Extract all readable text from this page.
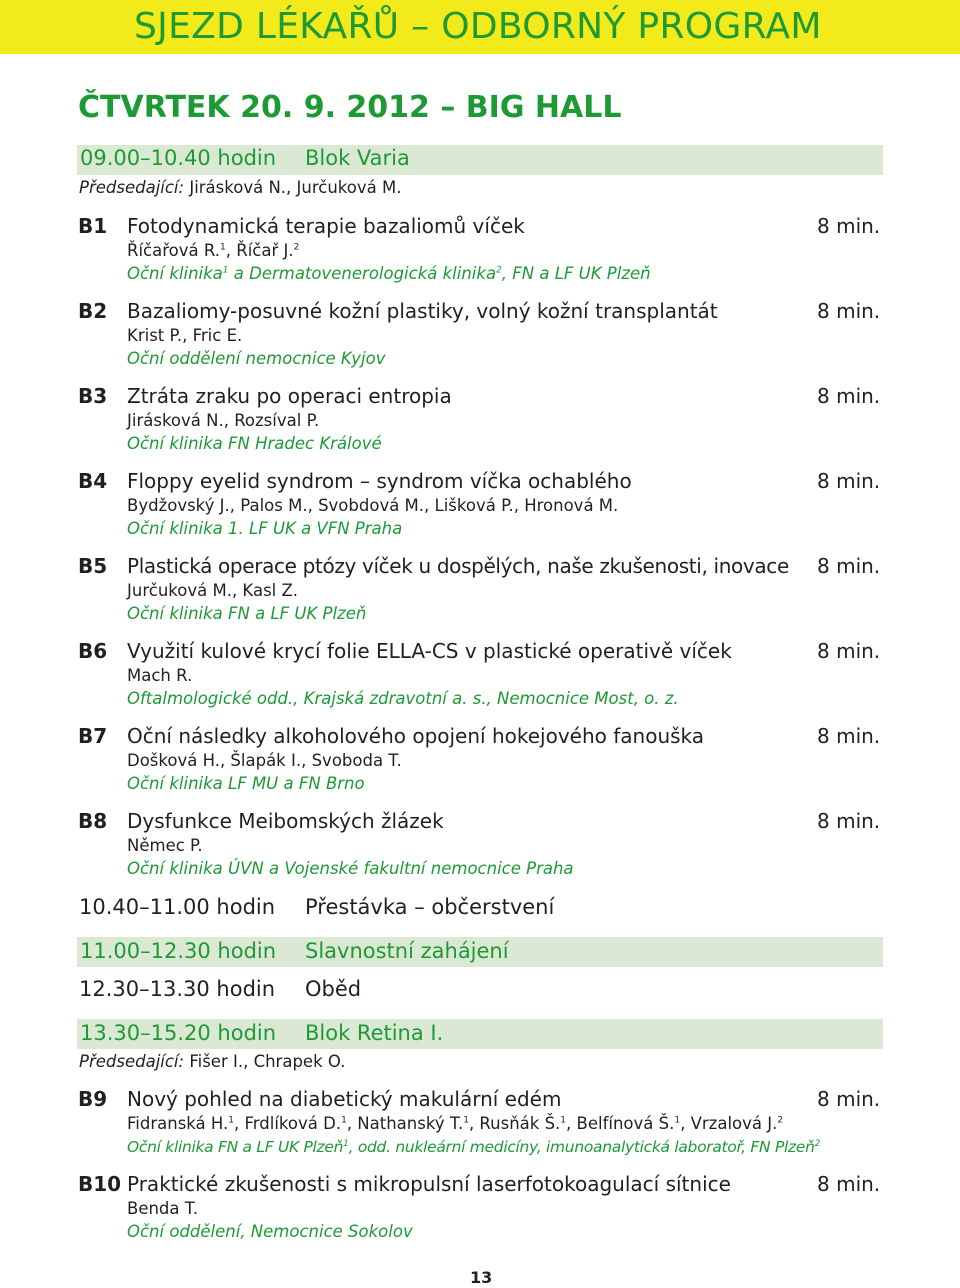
SJEZD LÉKAŘŮ – ODBORNÝ PROGRAM
ČTVRTEK 20. 9. 2012 – BIG HALL
09.00–10.40 hodin Blok Varia
Předsedající: Jirásková N., Jurčuková M.
B1 Fotodynamická terapie bazaliomů víček	8 min.
Říčařová R.$^1$, Říčař J.$^2$
Oční klinika$^1$ a Dermatovenerologická klinika$^2$, FN a LF UK Plzeň
B2 Bazaliomy-posuvné kožní plastiky, volný kožní transplantát	8 min.
Krist P., Fric E.
Oční oddělení nemocnice Kyjov
B3 Ztráta zraku po operaci entropia	8 min.
Jirásková N., Rozsíval P.
Oční klinika FN Hradec Králové
B4 Floppy eyelid syndrom – syndrom víčka ochablého	8 min.
Bydžovský J., Palos M., Svobdová M., Lišková P., Hronová M.
Oční klinika 1. LF UK a VFN Praha
B5 Plastická operace ptózy víček u dospělých, naše zkušenosti, inovace 8 min.
Jurčuková M., Kasl Z.
Oční klinika FN a LF UK Plzeň
B6 Využití kulové krycí folie ELLA-CS v plastické operativě víček	8 min.
Mach R.
Oftalmologické odd., Krajská zdravotní a. s., Nemocnice Most, o. z.
B7 Oční následky alkoholového opojení hokejového fanouška	8 min.
Došková H., Šlapák I., Svoboda T.
Oční klinika LF MU a FN Brno
B8 Dysfunkce Meibomských žlázek	8 min.
Němec P.
Oční klinika ÚVN a Vojenské fakultní nemocnice Praha
10.40–11.00 hodin Přestávka – občerstvení
11.00–12.30 hodin Slavnostní zahájení
12.30–13.30 hodin Oběd
13.30–15.20 hodin Blok Retina I.
Předsedající: Fišer I., Chrapek O.
B9 Nový pohled na diabetický makulární edém	8 min.
Fidranská H.$^1$, Frdlíková D.$^1$, Nathanský T.$^1$, Rusňák Š.$^1$, Belfínová Š.$^1$, Vrzalová J.$^2$
Oční klinika FN a LF UK Plzeň$^1$, odd. nukleární medicíny, imunoanalytická laboratoř, FN Plzeň$^2$
B10 Praktické zkušenosti s mikropulsní laserfotokoagulací sítnice	8 min.
Benda T.
Oční oddělení, Nemocnice Sokolov
13
